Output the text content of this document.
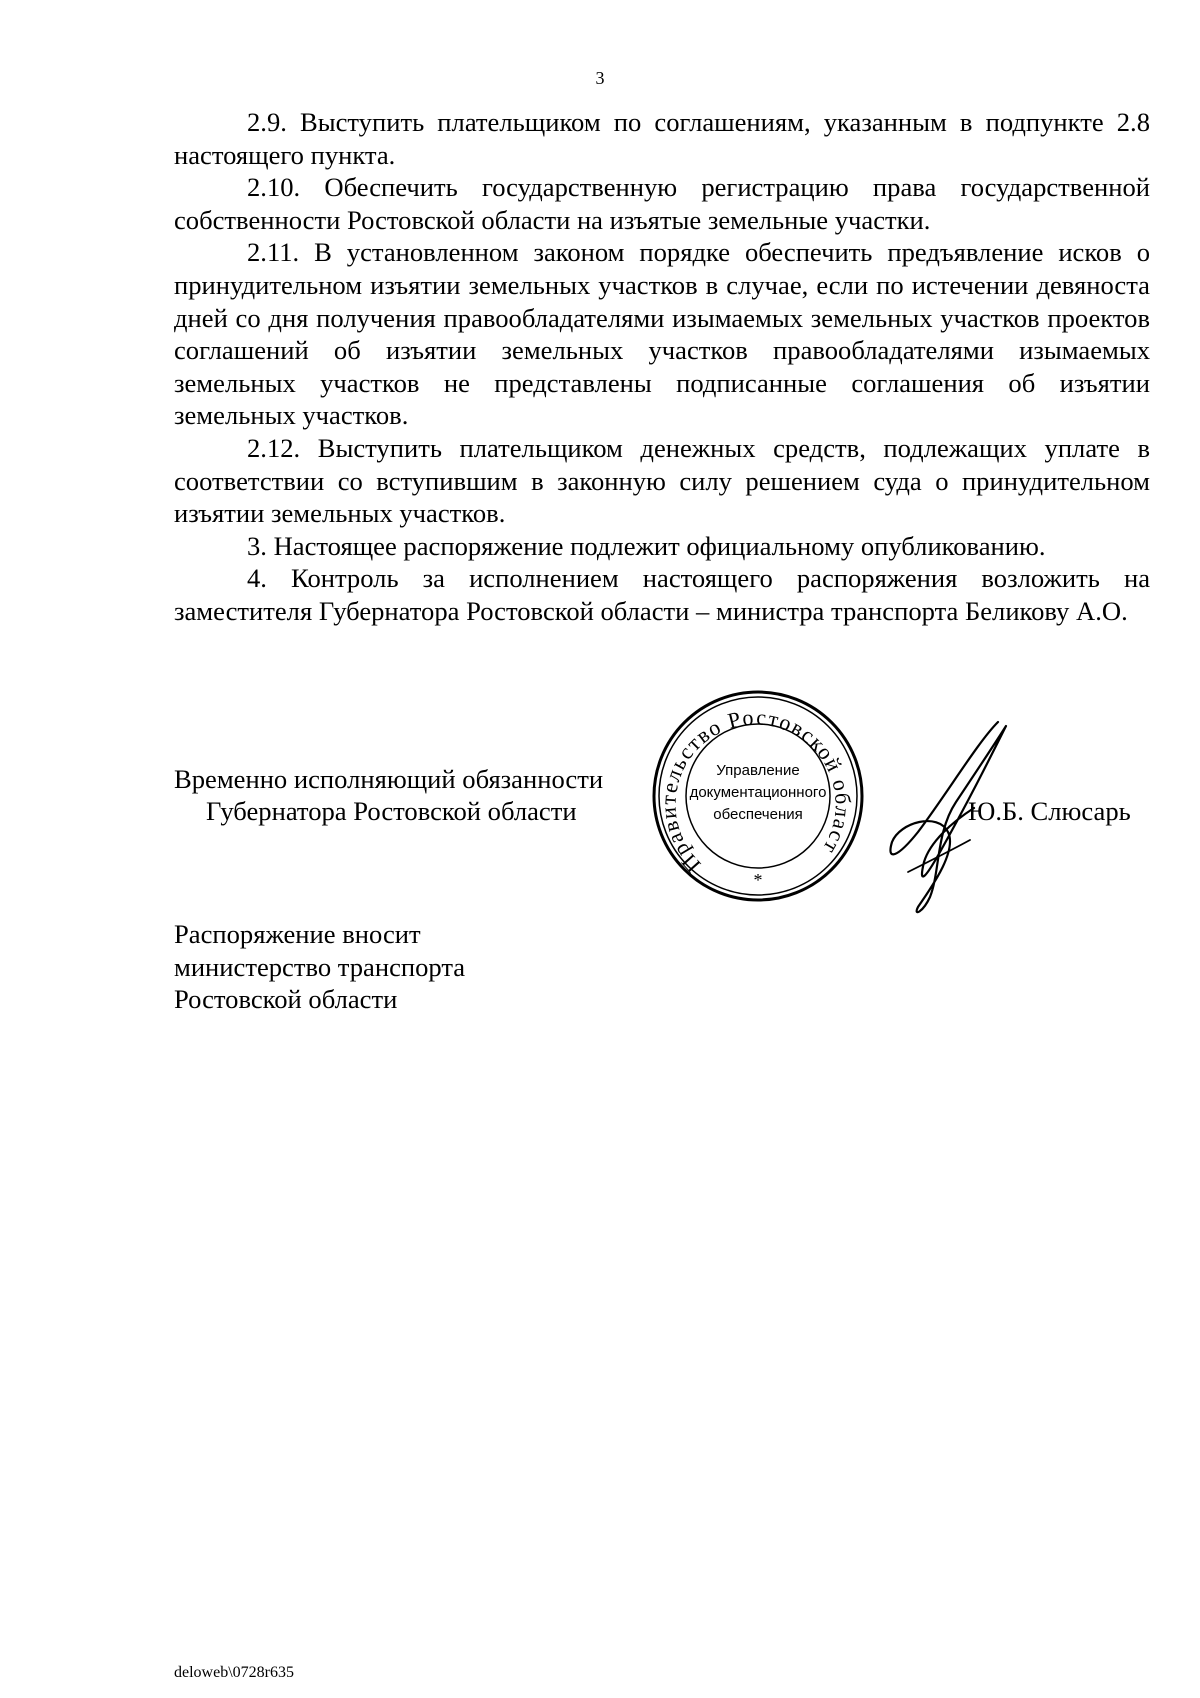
3

2.9. Выступить плательщиком по соглашениям, указанным в подпункте 2.8 настоящего пункта.

2.10. Обеспечить государственную регистрацию права государственной собственности Ростовской области на изъятые земельные участки.

2.11. В установленном законом порядке обеспечить предъявление исков о принудительном изъятии земельных участков в случае, если по истечении девяноста дней со дня получения правообладателями изымаемых земельных участков проектов соглашений об изъятии земельных участков правообладателями изымаемых земельных участков не представлены подписанные соглашения об изъятии земельных участков.

2.12. Выступить плательщиком денежных средств, подлежащих уплате в соответствии со вступившим в законную силу решением суда о принудительном изъятии земельных участков.

3. Настоящее распоряжение подлежит официальному опубликованию.

4. Контроль за исполнением настоящего распоряжения возложить на заместителя Губернатора Ростовской области – министра транспорта Беликову А.О.

Временно исполняющий обязанности
Губернатора Ростовской области
Правительство Ростовской област
*
Управление
документационного
обеспечения	Ю.Б. Слюсарь
Распоряжение вносит
министерство транспорта
Ростовской области
deloweb\0728r635
